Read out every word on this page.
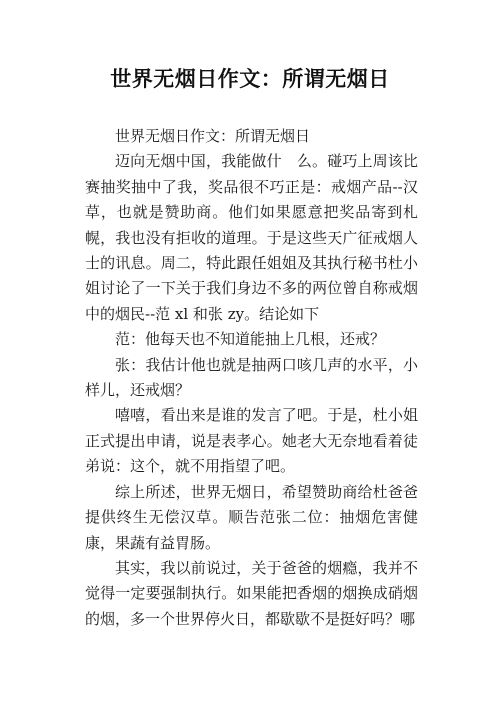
世界无烟日作文：所谓无烟日

世界无烟日作文：所谓无烟日

迈向无烟中国，我能做什　么。碰巧上周该比赛抽奖抽中了我，奖品很不巧正是：戒烟产品--汉草，也就是赞助商。他们如果愿意把奖品寄到札幌，我也没有拒收的道理。于是这些天广征戒烟人士的讯息。周二，特此跟任姐姐及其执行秘书杜小姐讨论了一下关于我们身边不多的两位曾自称戒烟中的烟民--范 xl 和张 zy。结论如下

范：他每天也不知道能抽上几根，还戒？

张：我估计他也就是抽两口咳几声的水平，小样儿，还戒烟？

嘻嘻，看出来是谁的发言了吧。于是，杜小姐正式提出申请，说是表孝心。她老大无奈地看着徒弟说：这个，就不用指望了吧。

综上所述，世界无烟日，希望赞助商给杜爸爸提供终生无偿汉草。顺告范张二位：抽烟危害健康，果蔬有益胃肠。

其实，我以前说过，关于爸爸的烟瘾，我并不觉得一定要强制执行。如果能把香烟的烟换成硝烟的烟，多一个世界停火日，都歇歇不是挺好吗？哪
